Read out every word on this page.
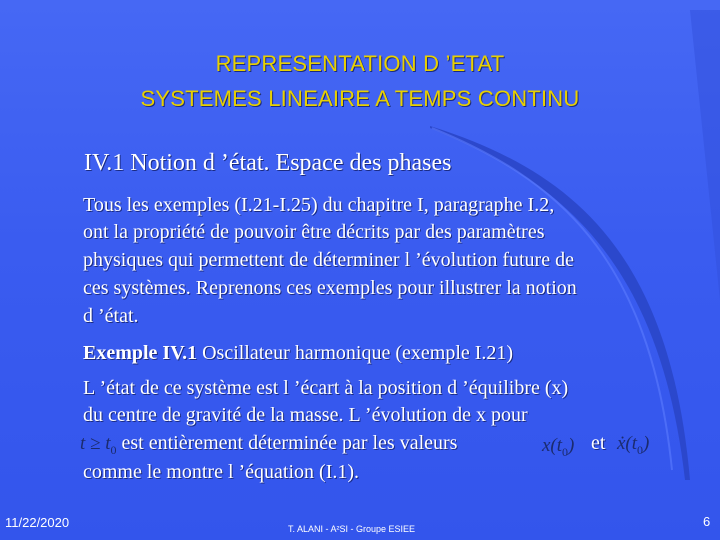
REPRESENTATION D ’ETAT
SYSTEMES LINEAIRE A TEMPS CONTINU
IV.1 Notion d ’état. Espace des phases
Tous les exemples (I.21-I.25) du chapitre I, paragraphe I.2,
ont la propriété de pouvoir être décrits par des paramètres
physiques qui permettent de déterminer l ’évolution future de
ces systèmes. Reprenons ces exemples pour illustrer la notion
d ’état.
Exemple IV.1 Oscillateur harmonique (exemple I.21)
L ’état de ce système est l ’écart à la position d ’équilibre (x)
du centre de gravité de la masse. L ’évolution de x pour
$t \ge t_0$ est entièrement déterminée par les valeurs	$x(t_0)$ et $ẋ(t_0)$
comme le montre l ’équation (I.1).
11/22/2020	T. ALANI - A²SI - Groupe ESIEE	6
